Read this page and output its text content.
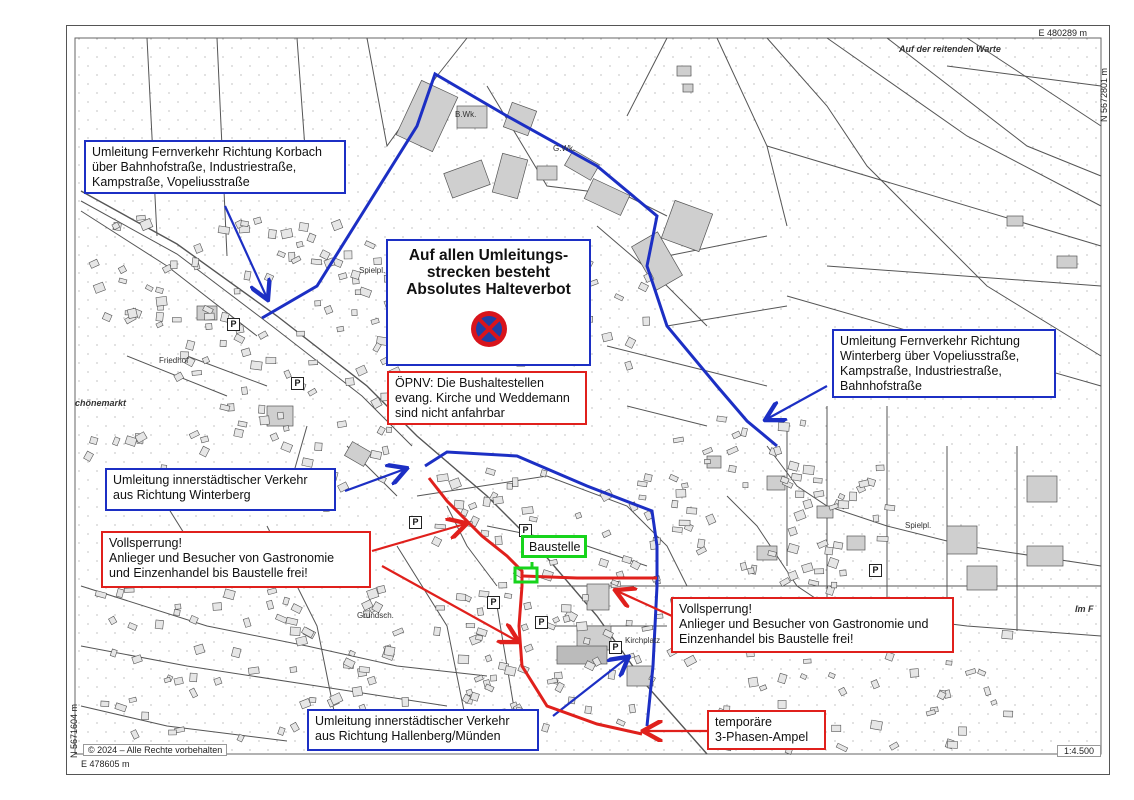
E 480289 m
E 478605 m
N 5672801 m
N 5671604 m	© 2024 – Alle Rechte vorbehalten	1:4.500
Auf der reitenden Warte
chönemarkt
Im F
Spielpl.
Spielpl.
B.Wk.
G.Wk.
Friedhof
Grundsch.
Kirchplatz
P
P
P
P
P
P
P
P
Auf allen Umleitungs-
strecken besteht
Absolutes Halteverbot
Umleitung Fernverkehr Richtung Korbach
über Bahnhofstraße, Industriestraße,
Kampstraße, Vopeliusstraße
Umleitung Fernverkehr Richtung
Winterberg über Vopeliusstraße,
Kampstraße, Industriestraße,
Bahnhofstraße
ÖPNV: Die Bushaltestellen
evang. Kirche und Weddemann
sind nicht anfahrbar
Umleitung innerstädtischer Verkehr
aus Richtung Winterberg
Vollsperrung!
Anlieger und Besucher von Gastronomie
und Einzenhandel bis Baustelle frei!
Baustelle
Vollsperrung!
Anlieger und Besucher von Gastronomie und
Einzenhandel bis Baustelle frei!
Umleitung innerstädtischer Verkehr
aus Richtung Hallenberg/Münden
temporäre
3-Phasen-Ampel
